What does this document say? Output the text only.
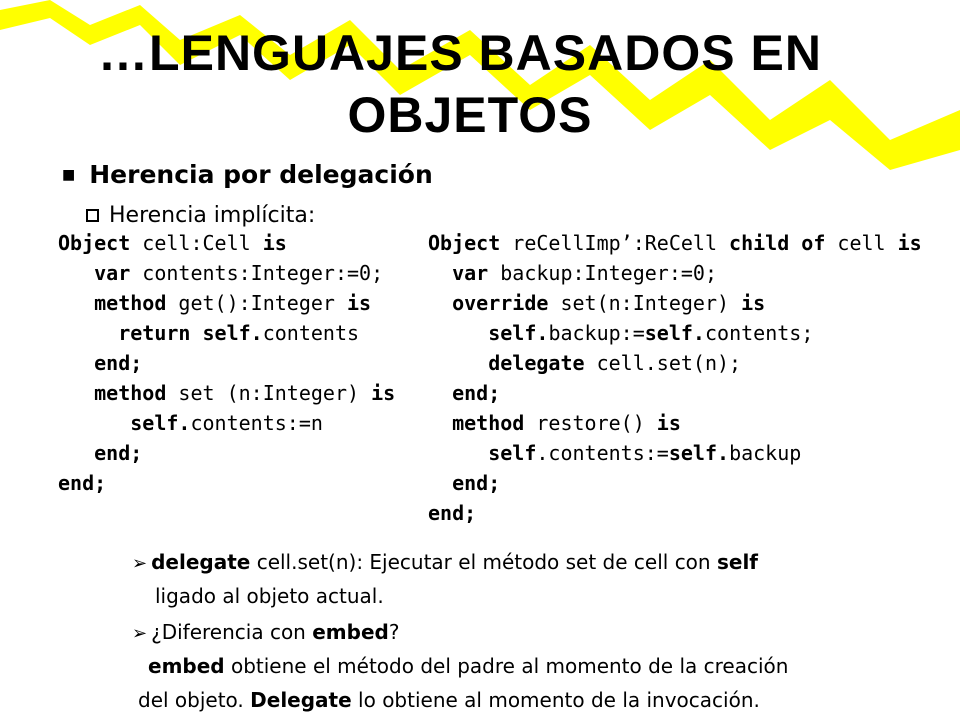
…LENGUAJES BASADOS EN
OBJETOS
■ Herencia por delegación
Herencia implícita:
Object cell:Cell is
var contents:Integer:=0;
method get():Integer is
return self.contents
end;
method set (n:Integer) is
self.contents:=n
end;
end;
Object reCellImp’:ReCell child of cell is
var backup:Integer:=0;
override set(n:Integer) is
self.backup:=self.contents;
delegate cell.set(n);
end;
method restore() is
self.contents:=self.backup
end;
end;
➢ delegate cell.set(n): Ejecutar el método set de cell con self
ligado al objeto actual.
➢ ¿Diferencia con embed?
embed obtiene el método del padre al momento de la creación
del objeto. Delegate lo obtiene al momento de la invocación.
